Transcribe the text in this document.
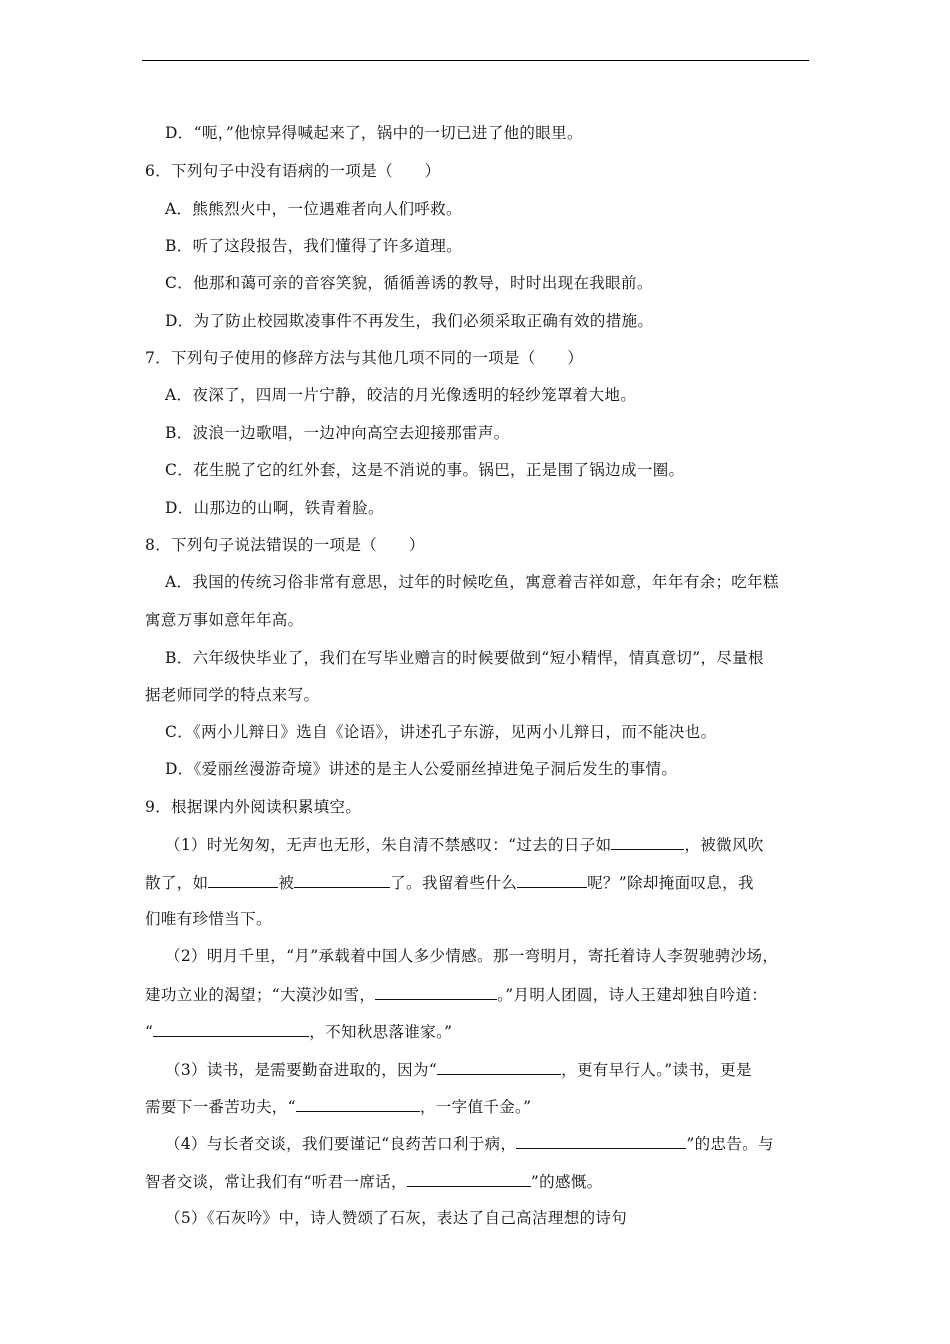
D．“呃，”他惊异得喊起来了，锅中的一切已进了他的眼里。
6．下列句子中没有语病的一项是（　　）
A．熊熊烈火中，一位遇难者向人们呼救。
B．听了这段报告，我们懂得了许多道理。
C．他那和蔼可亲的音容笑貌，循循善诱的教导，时时出现在我眼前。
D．为了防止校园欺凌事件不再发生，我们必须采取正确有效的措施。
7．下列句子使用的修辞方法与其他几项不同的一项是（　　）
A．夜深了，四周一片宁静，皎洁的月光像透明的轻纱笼罩着大地。
B．波浪一边歌唱，一边冲向高空去迎接那雷声。
C．花生脱了它的红外套，这是不消说的事。锅巴，正是围了锅边成一圈。
D．山那边的山啊，铁青着脸。
8．下列句子说法错误的一项是（　　）
A．我国的传统习俗非常有意思，过年的时候吃鱼，寓意着吉祥如意，年年有余；吃年糕
寓意万事如意年年高。
B．六年级快毕业了，我们在写毕业赠言的时候要做到“短小精悍，情真意切”，尽量根
据老师同学的特点来写。
C．《两小儿辩日》选自《论语》，讲述孔子东游，见两小儿辩日，而不能决也。
D．《爱丽丝漫游奇境》讲述的是主人公爱丽丝掉进兔子洞后发生的事情。
9．根据课内外阅读积累填空。
（1）时光匆匆，无声也无形，朱自清不禁感叹：“过去的日子如	，被微风吹
散了，如	被	了。我留着些什么	呢？”除却掩面叹息，我
们唯有珍惜当下。
（2）明月千里，“月”承载着中国人多少情感。那一弯明月，寄托着诗人李贺驰骋沙场，
建功立业的渴望；“大漠沙如雪，	。”月明人团圆，诗人王建却独自吟道：
“	，不知秋思落谁家。”
（3）读书，是需要勤奋进取的，因为“	，更有早行人。”读书，更是
需要下一番苦功夫，“	，一字值千金。”
（4）与长者交谈，我们要谨记“良药苦口利于病，	”的忠告。与
智者交谈，常让我们有“听君一席话，	”的感慨。
（5）《石灰吟》中，诗人赞颂了石灰，表达了自己高洁理想的诗句
